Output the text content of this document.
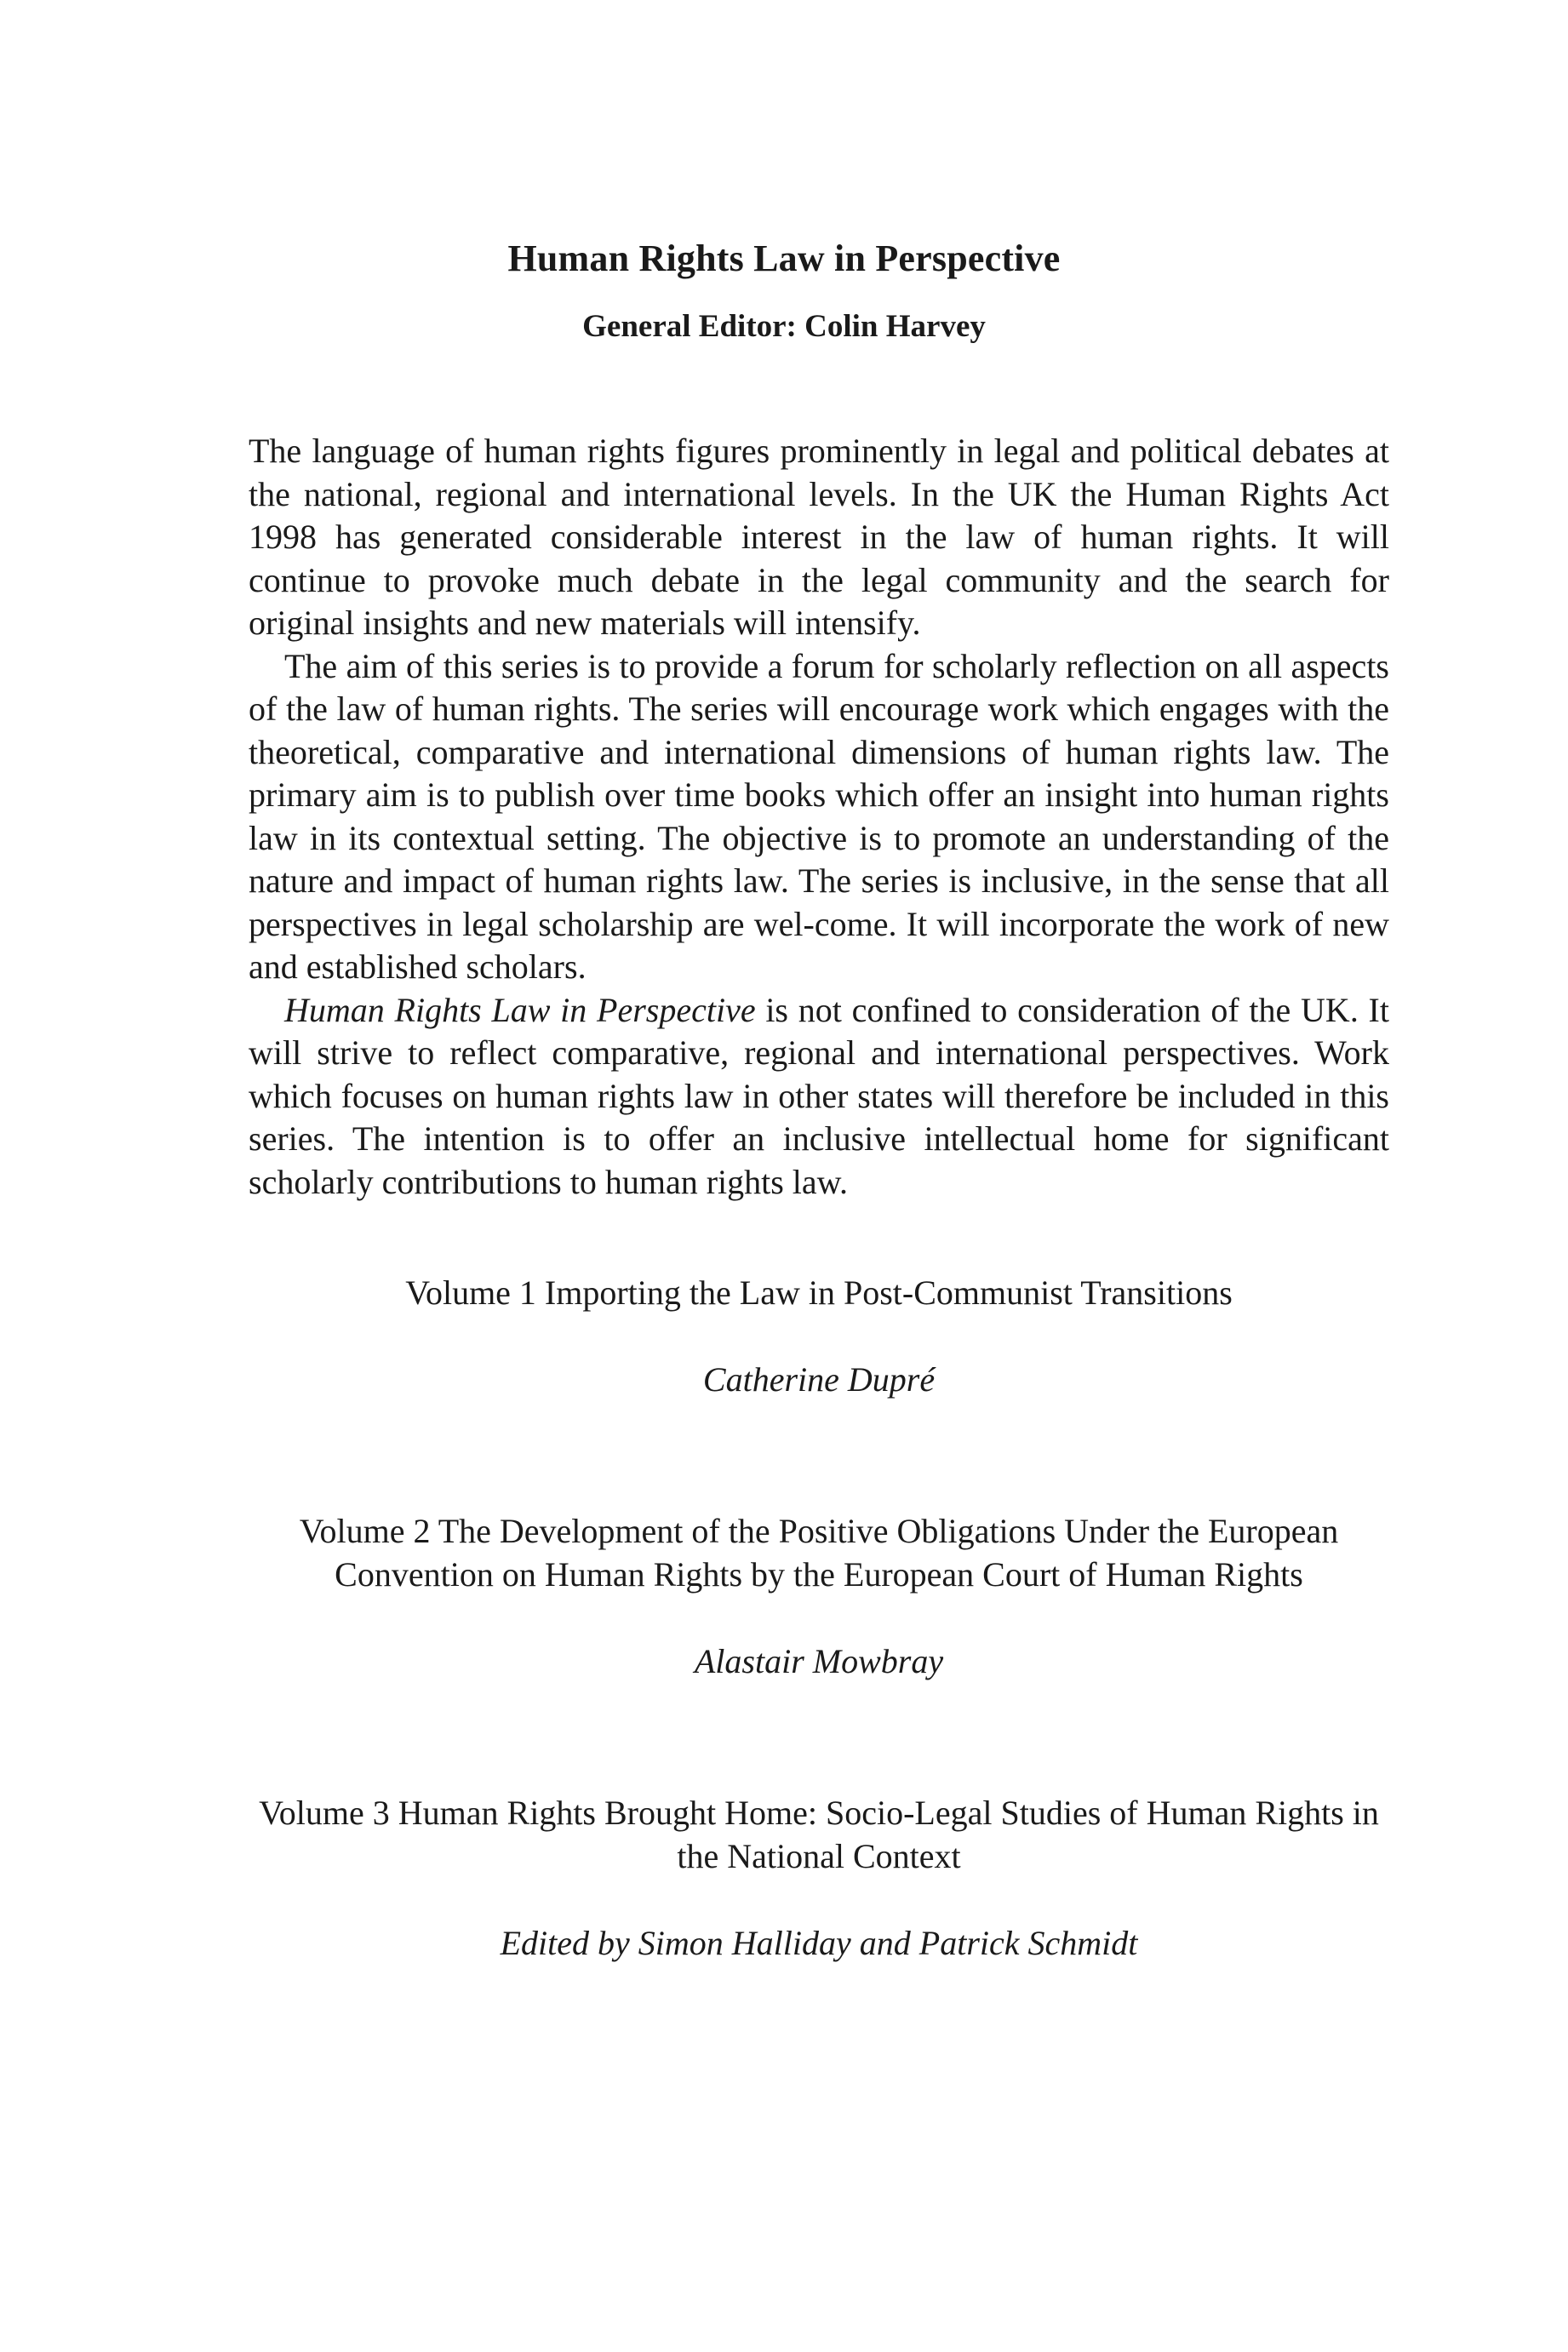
Human Rights Law in Perspective
General Editor: Colin Harvey

The language of human rights figures prominently in legal and political debates at the national, regional and international levels. In the UK the Human Rights Act 1998 has generated considerable interest in the law of human rights. It will continue to provoke much debate in the legal community and the search for original insights and new materials will intensify.

The aim of this series is to provide a forum for scholarly reflection on all aspects of the law of human rights. The series will encourage work which engages with the theoretical, comparative and international dimensions of human rights law. The primary aim is to publish over time books which offer an insight into human rights law in its contextual setting. The objective is to promote an understanding of the nature and impact of human rights law. The series is inclusive, in the sense that all perspectives in legal scholarship are wel-come. It will incorporate the work of new and established scholars.

Human Rights Law in Perspective is not confined to consideration of the UK. It will strive to reflect comparative, regional and international perspectives. Work which focuses on human rights law in other states will therefore be included in this series. The intention is to offer an inclusive intellectual home for significant scholarly contributions to human rights law.

Volume 1 Importing the Law in Post-Communist Transitions

Catherine Dupré

Volume 2 The Development of the Positive Obligations Under the European Convention on Human Rights by the European Court of Human Rights

Alastair Mowbray

Volume 3 Human Rights Brought Home: Socio-Legal Studies of Human Rights in the National Context

Edited by Simon Halliday and Patrick Schmidt
